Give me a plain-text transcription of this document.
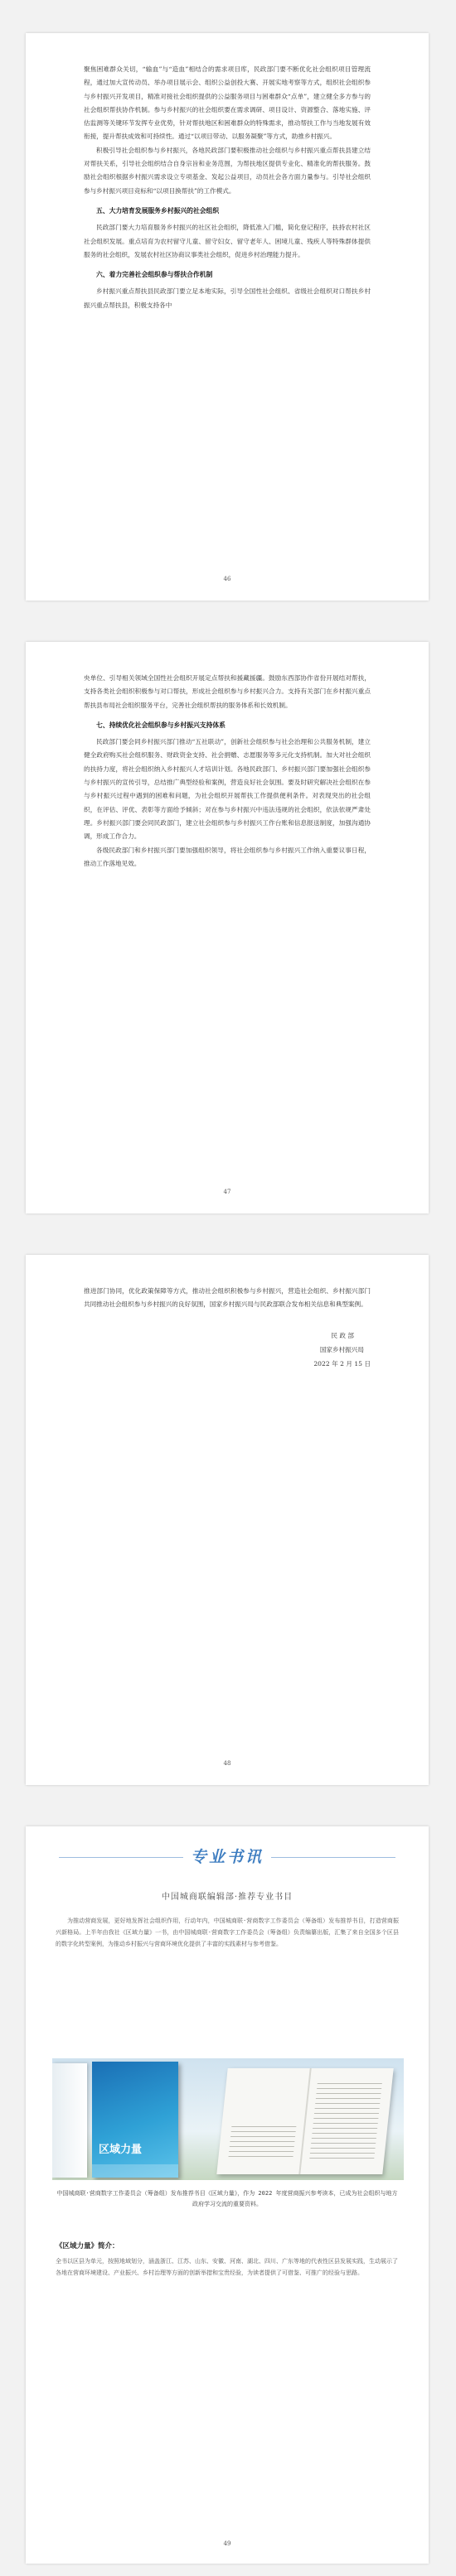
聚焦困难群众关切，“输血”与“造血”相结合的需求项目库，民政部门要不断优化社会组织项目管理流程，通过加大宣传动员、举办项目展示会、组织公益创投大赛、开展实地考察等方式，组织社会组织参与乡村振兴开发项目，精准对接社会组织提供的公益服务项目与困难群众“点单”，建立健全多方参与的社会组织帮扶协作机制。参与乡村振兴的社会组织要在需求调研、项目设计、资源整合、落地实施、评估监测等关键环节发挥专业优势，针对帮扶地区和困难群众的特殊需求，推动帮扶工作与当地发展有效衔接，提升帮扶成效和可持续性。通过“以项目带动、以服务凝聚”等方式，助推乡村振兴。

积极引导社会组织参与乡村振兴，各地民政部门要积极推动社会组织与乡村振兴重点帮扶县建立结对帮扶关系，引导社会组织结合自身宗旨和业务范围，为帮扶地区提供专业化、精准化的帮扶服务。鼓励社会组织根据乡村振兴需求设立专项基金、发起公益项目，动员社会各方面力量参与。引导社会组织参与乡村振兴项目竞标和“以项目换帮扶”的工作模式。

五、大力培育发展服务乡村振兴的社会组织

民政部门要大力培育服务乡村振兴的社区社会组织，降低准入门槛，简化登记程序，扶持农村社区社会组织发展。重点培育为农村留守儿童、留守妇女、留守老年人、困境儿童、残疾人等特殊群体提供服务的社会组织，发展农村社区协商议事类社会组织，促进乡村治理能力提升。

六、着力完善社会组织参与帮扶合作机制

乡村振兴重点帮扶县民政部门要立足本地实际，引导全国性社会组织、省级社会组织对口帮扶乡村振兴重点帮扶县，积极支持各中

46

央单位、引导相关领域全国性社会组织开展定点帮扶和援藏援疆。鼓励东西部协作省份开展结对帮扶，支持各类社会组织积极参与对口帮扶，形成社会组织参与乡村振兴合力。支持有关部门在乡村振兴重点帮扶县布局社会组织服务平台，完善社会组织帮扶的服务体系和长效机制。

七、持续优化社会组织参与乡村振兴支持体系

民政部门要会同乡村振兴部门推动“五社联动”，创新社会组织参与社会治理和公共服务机制，建立健全政府购买社会组织服务、财政资金支持、社会捐赠、志愿服务等多元化支持机制。加大对社会组织的扶持力度，将社会组织纳入乡村振兴人才培训计划。各地民政部门、乡村振兴部门要加强社会组织参与乡村振兴的宣传引导，总结推广典型经验和案例，营造良好社会氛围。要及时研究解决社会组织在参与乡村振兴过程中遇到的困难和问题，为社会组织开展帮扶工作提供便利条件。对表现突出的社会组织，在评估、评优、表彰等方面给予倾斜；对在参与乡村振兴中违法违规的社会组织，依法依规严肃处理。乡村振兴部门要会同民政部门，建立社会组织参与乡村振兴工作台账和信息报送制度，加强沟通协调，形成工作合力。

各级民政部门和乡村振兴部门要加强组织领导，将社会组织参与乡村振兴工作纳入重要议事日程，推动工作落地见效。

47

推进部门协同，优化政策保障等方式，推动社会组织积极参与乡村振兴，营造社会组织、乡村振兴部门共同推动社会组织参与乡村振兴的良好氛围，国家乡村振兴局与民政部联合发布相关信息和典型案例。

民 政 部

国家乡村振兴局

2022 年 2 月 15 日

48
专业书讯
中国城商联编辑部·推荐专业书目

为推动营商发展，更好地发挥社会组织作用，行动年内，中国城商联·营商数字工作委员会（筹备组）发布推荐书目，打造营商振兴新格局。上半年由我社《区域力量》一书，由中国城商联·营商数字工作委员会（筹备组）负责编纂出版，汇集了来自全国多个区县的数字化转型案例，为推动乡村振兴与营商环境优化提供了丰富的实践素材与参考借鉴。

区域力量

中国城商联·营商数字工作委员会（筹备组）发布推荐书目《区域力量》，作为 2022 年度营商振兴参考读本，已成为社会组织与地方政府学习交流的重要资料。

《区域力量》简介：

全书以区县为单元，按照地域划分，涵盖浙江、江苏、山东、安徽、河南、湖北、四川、广东等地的代表性区县发展实践，生动展示了各地在营商环境建设、产业振兴、乡村治理等方面的创新举措和宝贵经验，为读者提供了可借鉴、可推广的经验与思路。

49
